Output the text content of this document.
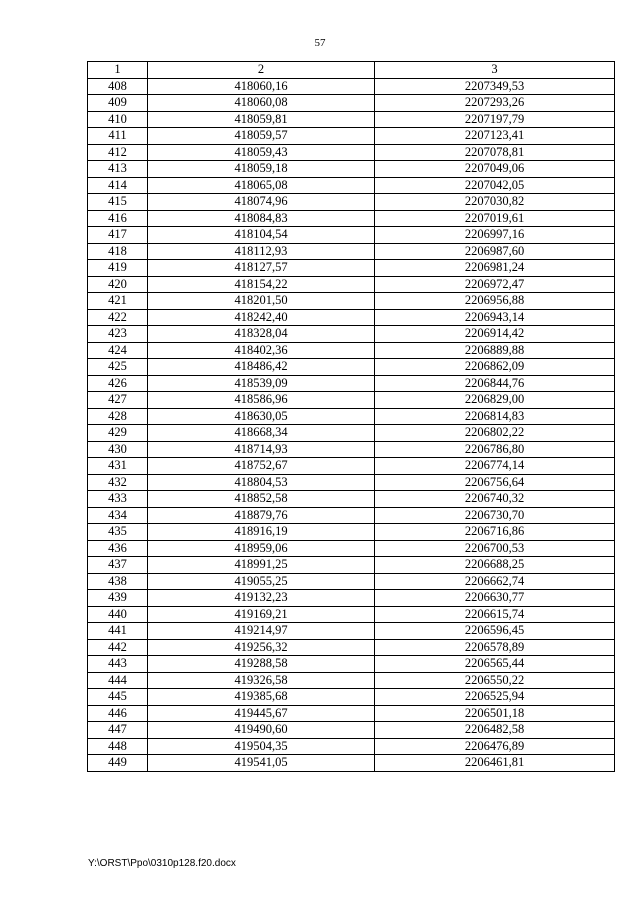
57
1	2	3
408	418060,16	2207349,53
409	418060,08	2207293,26
410	418059,81	2207197,79
411	418059,57	2207123,41
412	418059,43	2207078,81
413	418059,18	2207049,06
414	418065,08	2207042,05
415	418074,96	2207030,82
416	418084,83	2207019,61
417	418104,54	2206997,16
418	418112,93	2206987,60
419	418127,57	2206981,24
420	418154,22	2206972,47
421	418201,50	2206956,88
422	418242,40	2206943,14
423	418328,04	2206914,42
424	418402,36	2206889,88
425	418486,42	2206862,09
426	418539,09	2206844,76
427	418586,96	2206829,00
428	418630,05	2206814,83
429	418668,34	2206802,22
430	418714,93	2206786,80
431	418752,67	2206774,14
432	418804,53	2206756,64
433	418852,58	2206740,32
434	418879,76	2206730,70
435	418916,19	2206716,86
436	418959,06	2206700,53
437	418991,25	2206688,25
438	419055,25	2206662,74
439	419132,23	2206630,77
440	419169,21	2206615,74
441	419214,97	2206596,45
442	419256,32	2206578,89
443	419288,58	2206565,44
444	419326,58	2206550,22
445	419385,68	2206525,94
446	419445,67	2206501,18
447	419490,60	2206482,58
448	419504,35	2206476,89
449	419541,05	2206461,81
Y:\ORST\Ppo\0310p128.f20.docx
